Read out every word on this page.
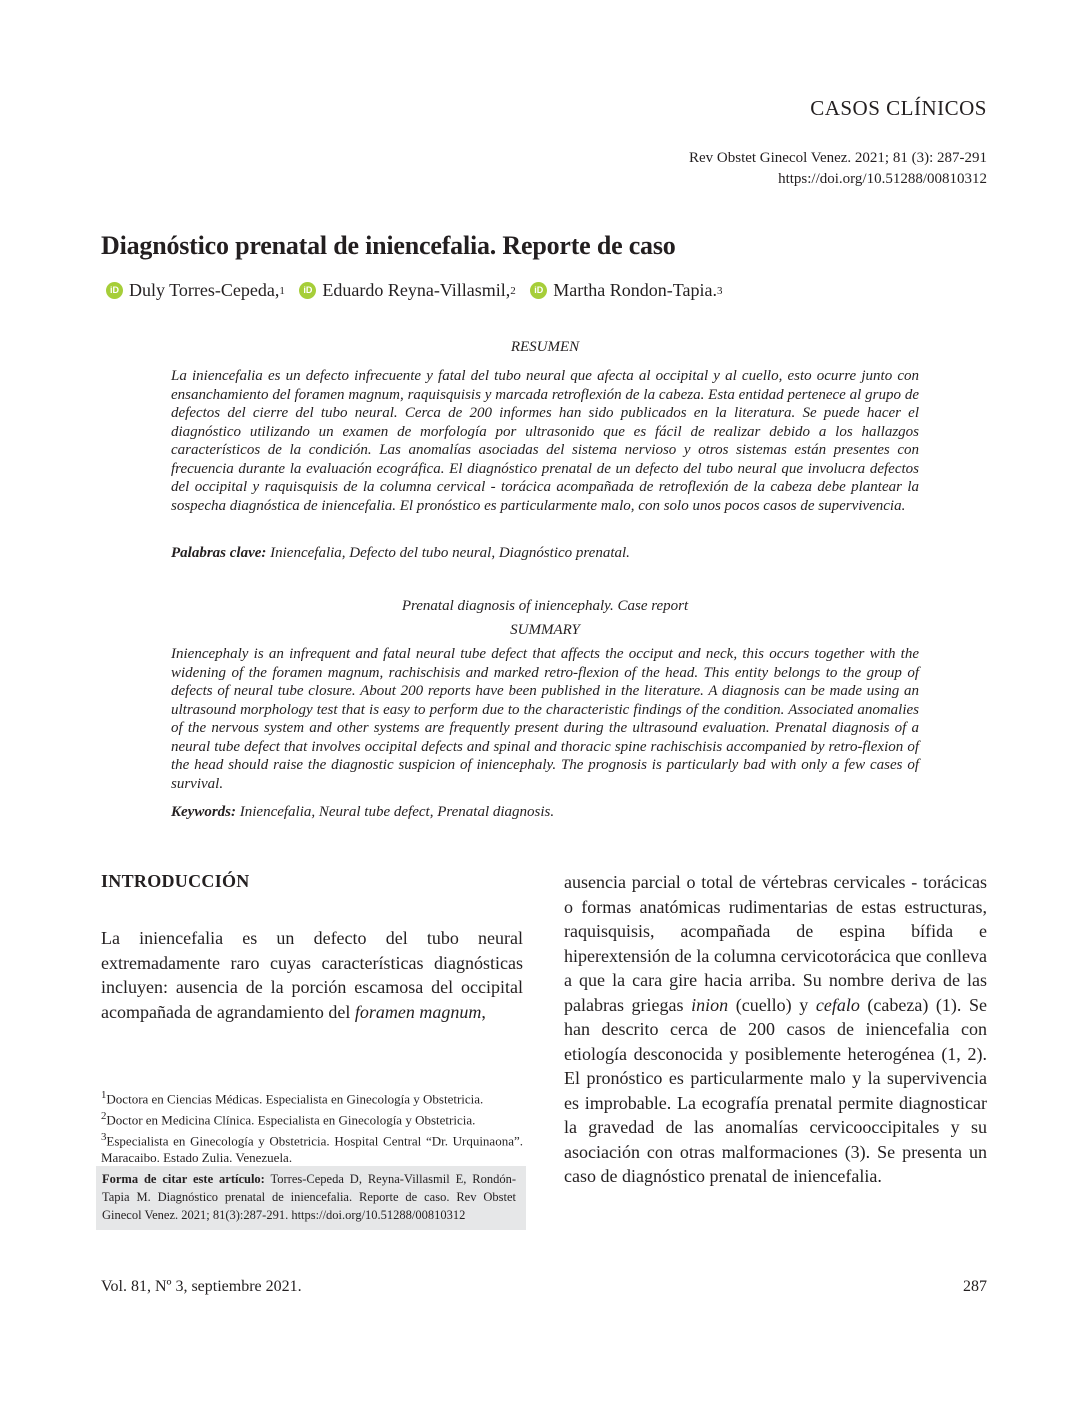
CASOS CLÍNICOS
Rev Obstet Ginecol Venez. 2021; 81 (3): 287-291
https://doi.org/10.51288/00810312
Diagnóstico prenatal de iniencefalia. Reporte de caso
iD Duly Torres-Cepeda, 1
	iD Eduardo Reyna-Villasmil, 2
	iD Martha Rondon-Tapia. 3
RESUMEN

La iniencefalia es un defecto infrecuente y fatal del tubo neural que afecta al occipital y al cuello, esto ocurre junto con ensanchamiento del foramen magnum, raquisquisis y marcada retroflexión de la cabeza. Esta entidad pertenece al grupo de defectos del cierre del tubo neural. Cerca de 200 informes han sido publicados en la literatura. Se puede hacer el diagnóstico utilizando un examen de morfología por ultrasonido que es fácil de realizar debido a los hallazgos característicos de la condición. Las anomalías asociadas del sistema nervioso y otros sistemas están presentes con frecuencia durante la evaluación ecográfica. El diagnóstico prenatal de un defecto del tubo neural que involucra defectos del occipital y raquisquisis de la columna cervical - torácica acompañada de retroflexión de la cabeza debe plantear la sospecha diagnóstica de iniencefalia. El pronóstico es particularmente malo, con solo unos pocos casos de supervivencia.

Palabras clave: Iniencefalia, Defecto del tubo neural, Diagnóstico prenatal.
Prenatal diagnosis of iniencephaly. Case report
SUMMARY

Iniencephaly is an infrequent and fatal neural tube defect that affects the occiput and neck, this occurs together with the widening of the foramen magnum, rachischisis and marked retro-flexion of the head. This entity belongs to the group of defects of neural tube closure. About 200 reports have been published in the literature. A diagnosis can be made using an ultrasound morphology test that is easy to perform due to the characteristic findings of the condition. Associated anomalies of the nervous system and other systems are frequently present during the ultrasound evaluation. Prenatal diagnosis of a neural tube defect that involves occipital defects and spinal and thoracic spine rachischisis accompanied by retro-flexion of the head should raise the diagnostic suspicion of iniencephaly. The prognosis is particularly bad with only a few cases of survival.

Keywords: Iniencefalia, Neural tube defect, Prenatal diagnosis.
INTRODUCCIÓN

La iniencefalia es un defecto del tubo neural extremadamente raro cuyas características diagnósticas incluyen: ausencia de la porción escamosa del occipital acompañada de agrandamiento del foramen magnum,

ausencia parcial o total de vértebras cervicales - torácicas o formas anatómicas rudimentarias de estas estructuras, raquisquisis, acompañada de espina bífida e hiperextensión de la columna cervicotorácica que conlleva a que la cara gire hacia arriba. Su nombre deriva de las palabras griegas inion (cuello) y cefalo (cabeza) (1). Se han descrito cerca de 200 casos de iniencefalia con etiología desconocida y posiblemente heterogénea (1, 2). El pronóstico es particularmente malo y la supervivencia es improbable. La ecografía prenatal permite diagnosticar la gravedad de las anomalías cervicooccipitales y su asociación con otras malformaciones (3). Se presenta un caso de diagnóstico prenatal de iniencefalia.

$^1$Doctora en Ciencias Médicas. Especialista en Ginecología y Obstetricia.
$^2$Doctor en Medicina Clínica. Especialista en Ginecología y Obstetricia.
$^3$Especialista en Ginecología y Obstetricia. Hospital Central “Dr. Urquinaona”. Maracaibo. Estado Zulia. Venezuela.
Forma de citar este artículo: Torres-Cepeda D, Reyna-Villasmil E, Rondón-Tapia M. Diagnóstico prenatal de iniencefalia. Reporte de caso. Rev Obstet Ginecol Venez. 2021; 81(3):287-291. https://doi.org/10.51288/00810312
Vol. 81, Nº 3, septiembre 2021.	287
